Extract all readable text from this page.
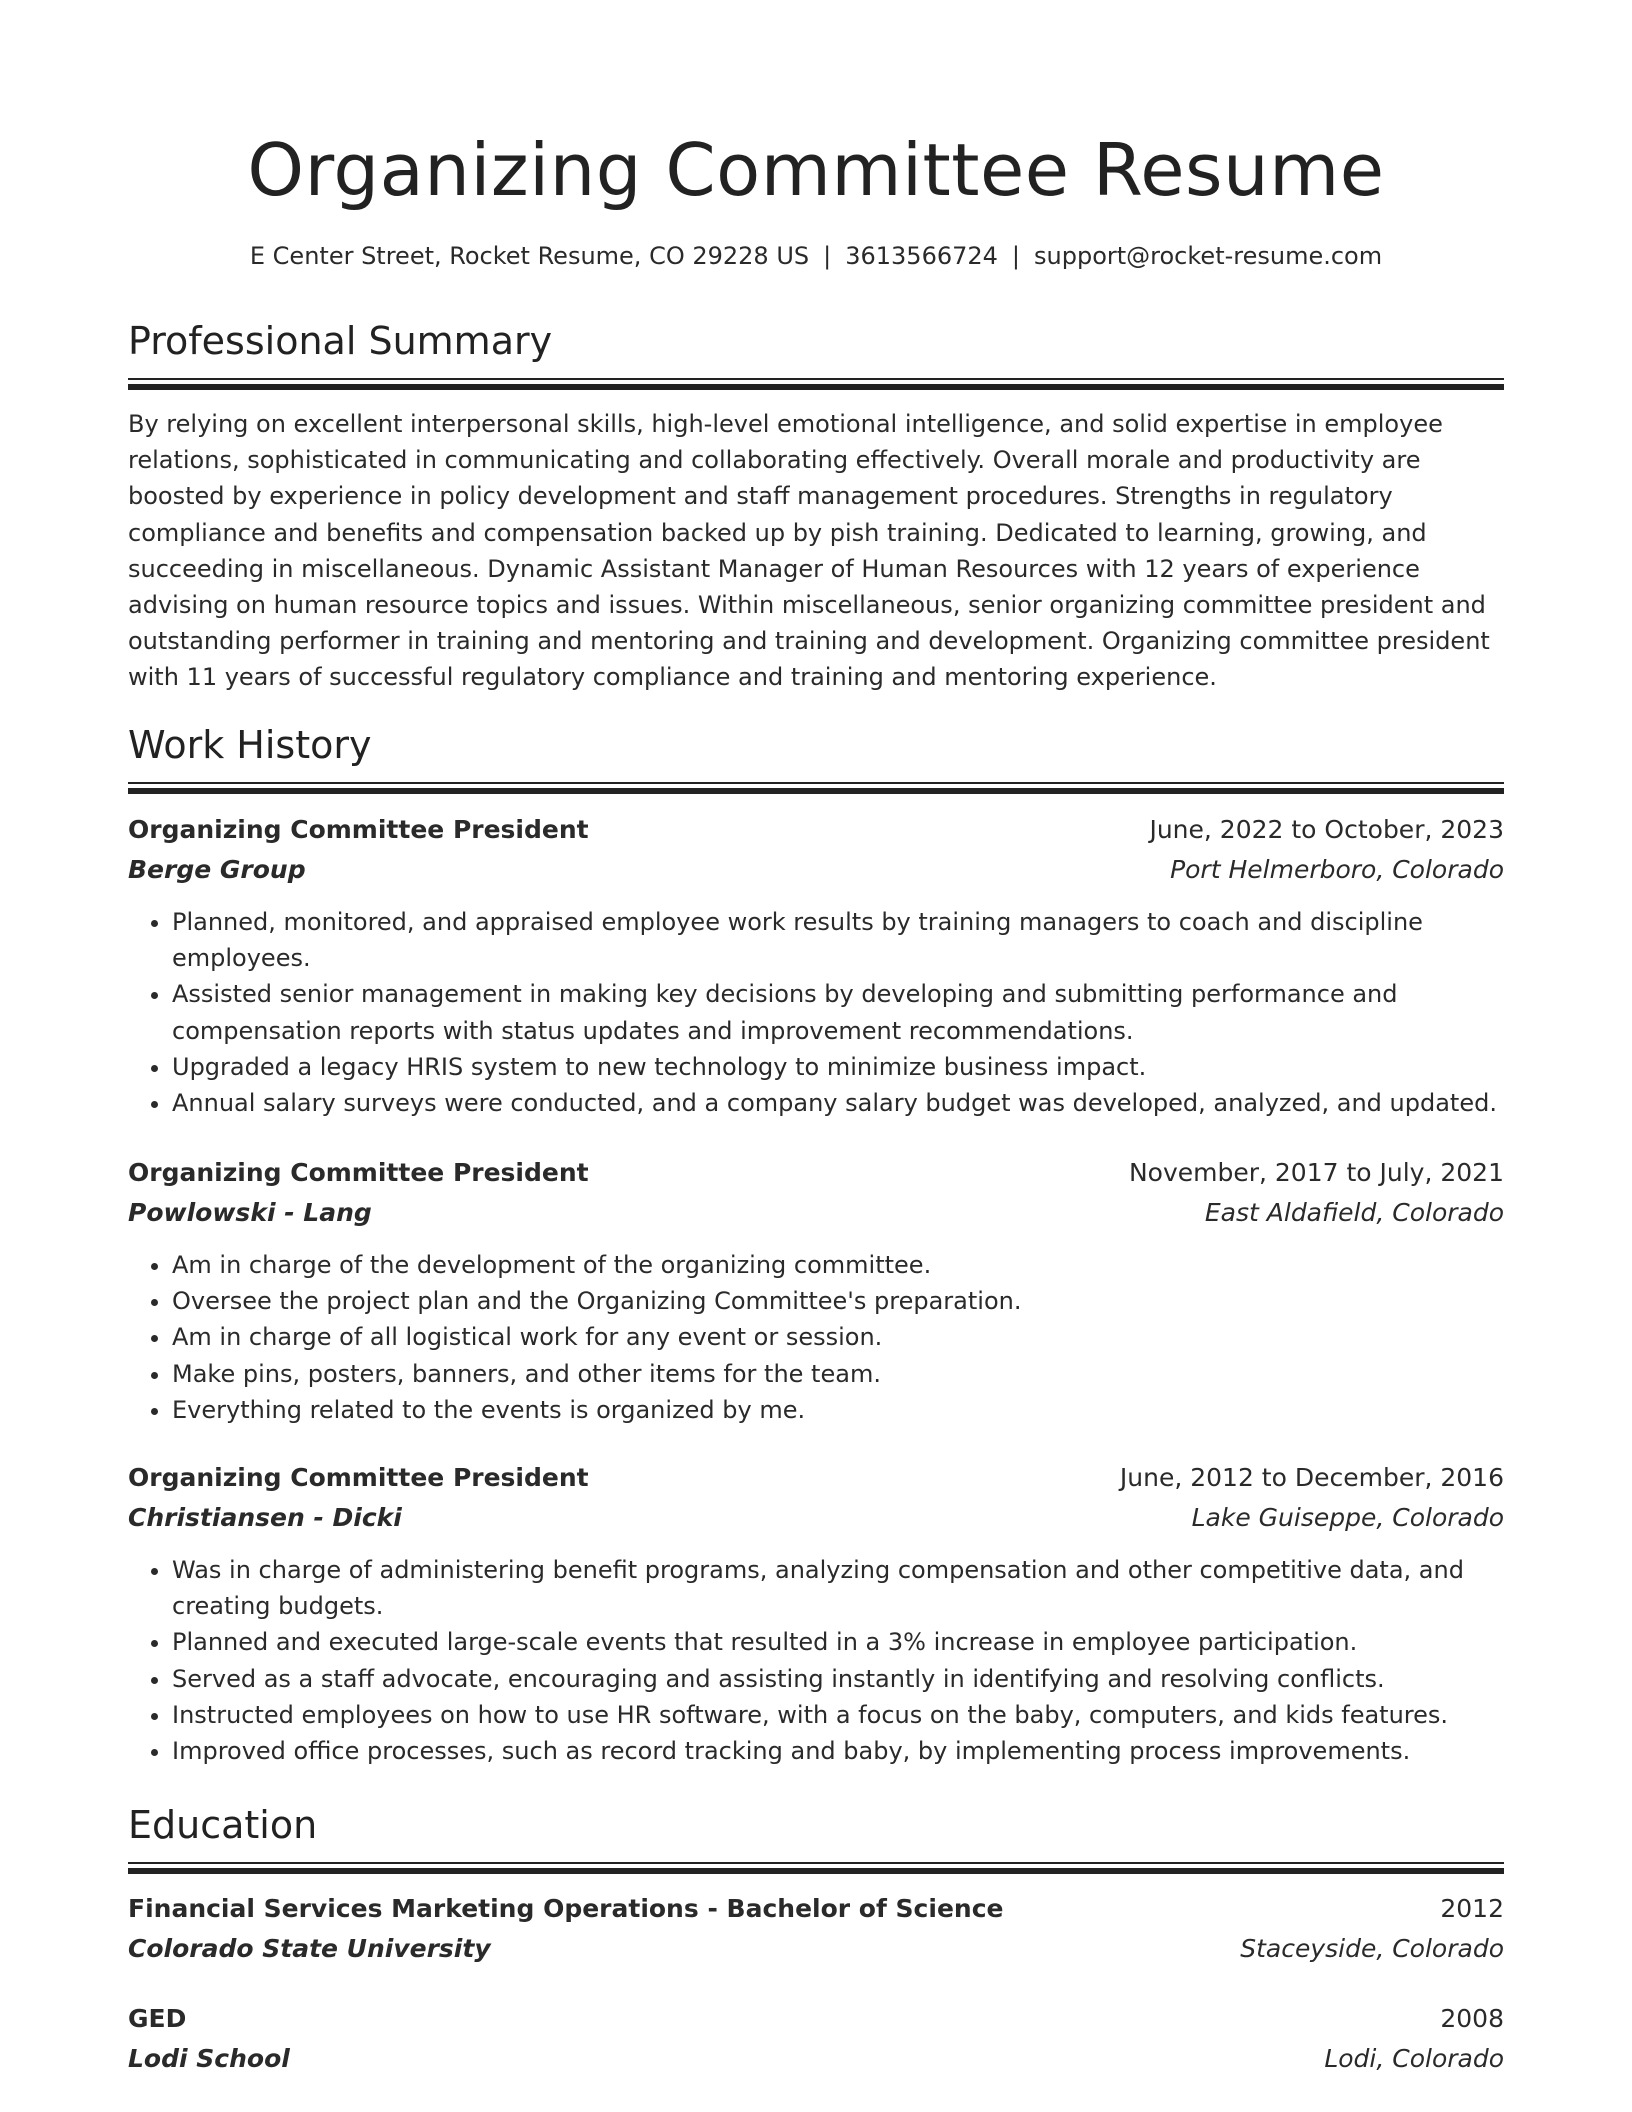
Organizing Committee Resume
E Center Street, Rocket Resume, CO 29228 US | 3613566724 | support@rocket-resume.com
Professional Summary

By relying on excellent interpersonal skills, high-level emotional intelligence, and solid expertise in employee relations, sophisticated in communicating and collaborating effectively. Overall morale and productivity are boosted by experience in policy development and staff management procedures. Strengths in regulatory compliance and benefits and compensation backed up by pish training. Dedicated to learning, growing, and succeeding in miscellaneous. Dynamic Assistant Manager of Human Resources with 12 years of experience advising on human resource topics and issues. Within miscellaneous, senior organizing committee president and outstanding performer in training and mentoring and training and development. Organizing committee president with 11 years of successful regulatory compliance and training and mentoring experience.

Work History
Organizing Committee President	June, 2022 to October, 2023
Berge Group	Port Helmerboro, Colorado
• Planned, monitored, and appraised employee work results by training managers to coach and discipline employees.
• Assisted senior management in making key decisions by developing and submitting performance and compensation reports with status updates and improvement recommendations.
• Upgraded a legacy HRIS system to new technology to minimize business impact.
• Annual salary surveys were conducted, and a company salary budget was developed, analyzed, and updated.
Organizing Committee President	November, 2017 to July, 2021
Powlowski - Lang	East Aldafield, Colorado
• Am in charge of the development of the organizing committee.
• Oversee the project plan and the Organizing Committee's preparation.
• Am in charge of all logistical work for any event or session.
• Make pins, posters, banners, and other items for the team.
• Everything related to the events is organized by me.
Organizing Committee President	June, 2012 to December, 2016
Christiansen - Dicki	Lake Guiseppe, Colorado
• Was in charge of administering benefit programs, analyzing compensation and other competitive data, and creating budgets.
• Planned and executed large-scale events that resulted in a 3% increase in employee participation.
• Served as a staff advocate, encouraging and assisting instantly in identifying and resolving conflicts.
• Instructed employees on how to use HR software, with a focus on the baby, computers, and kids features.
• Improved office processes, such as record tracking and baby, by implementing process improvements.
Education
Financial Services Marketing Operations - Bachelor of Science	2012
Colorado State University	Staceyside, Colorado
GED	2008
Lodi School	Lodi, Colorado
